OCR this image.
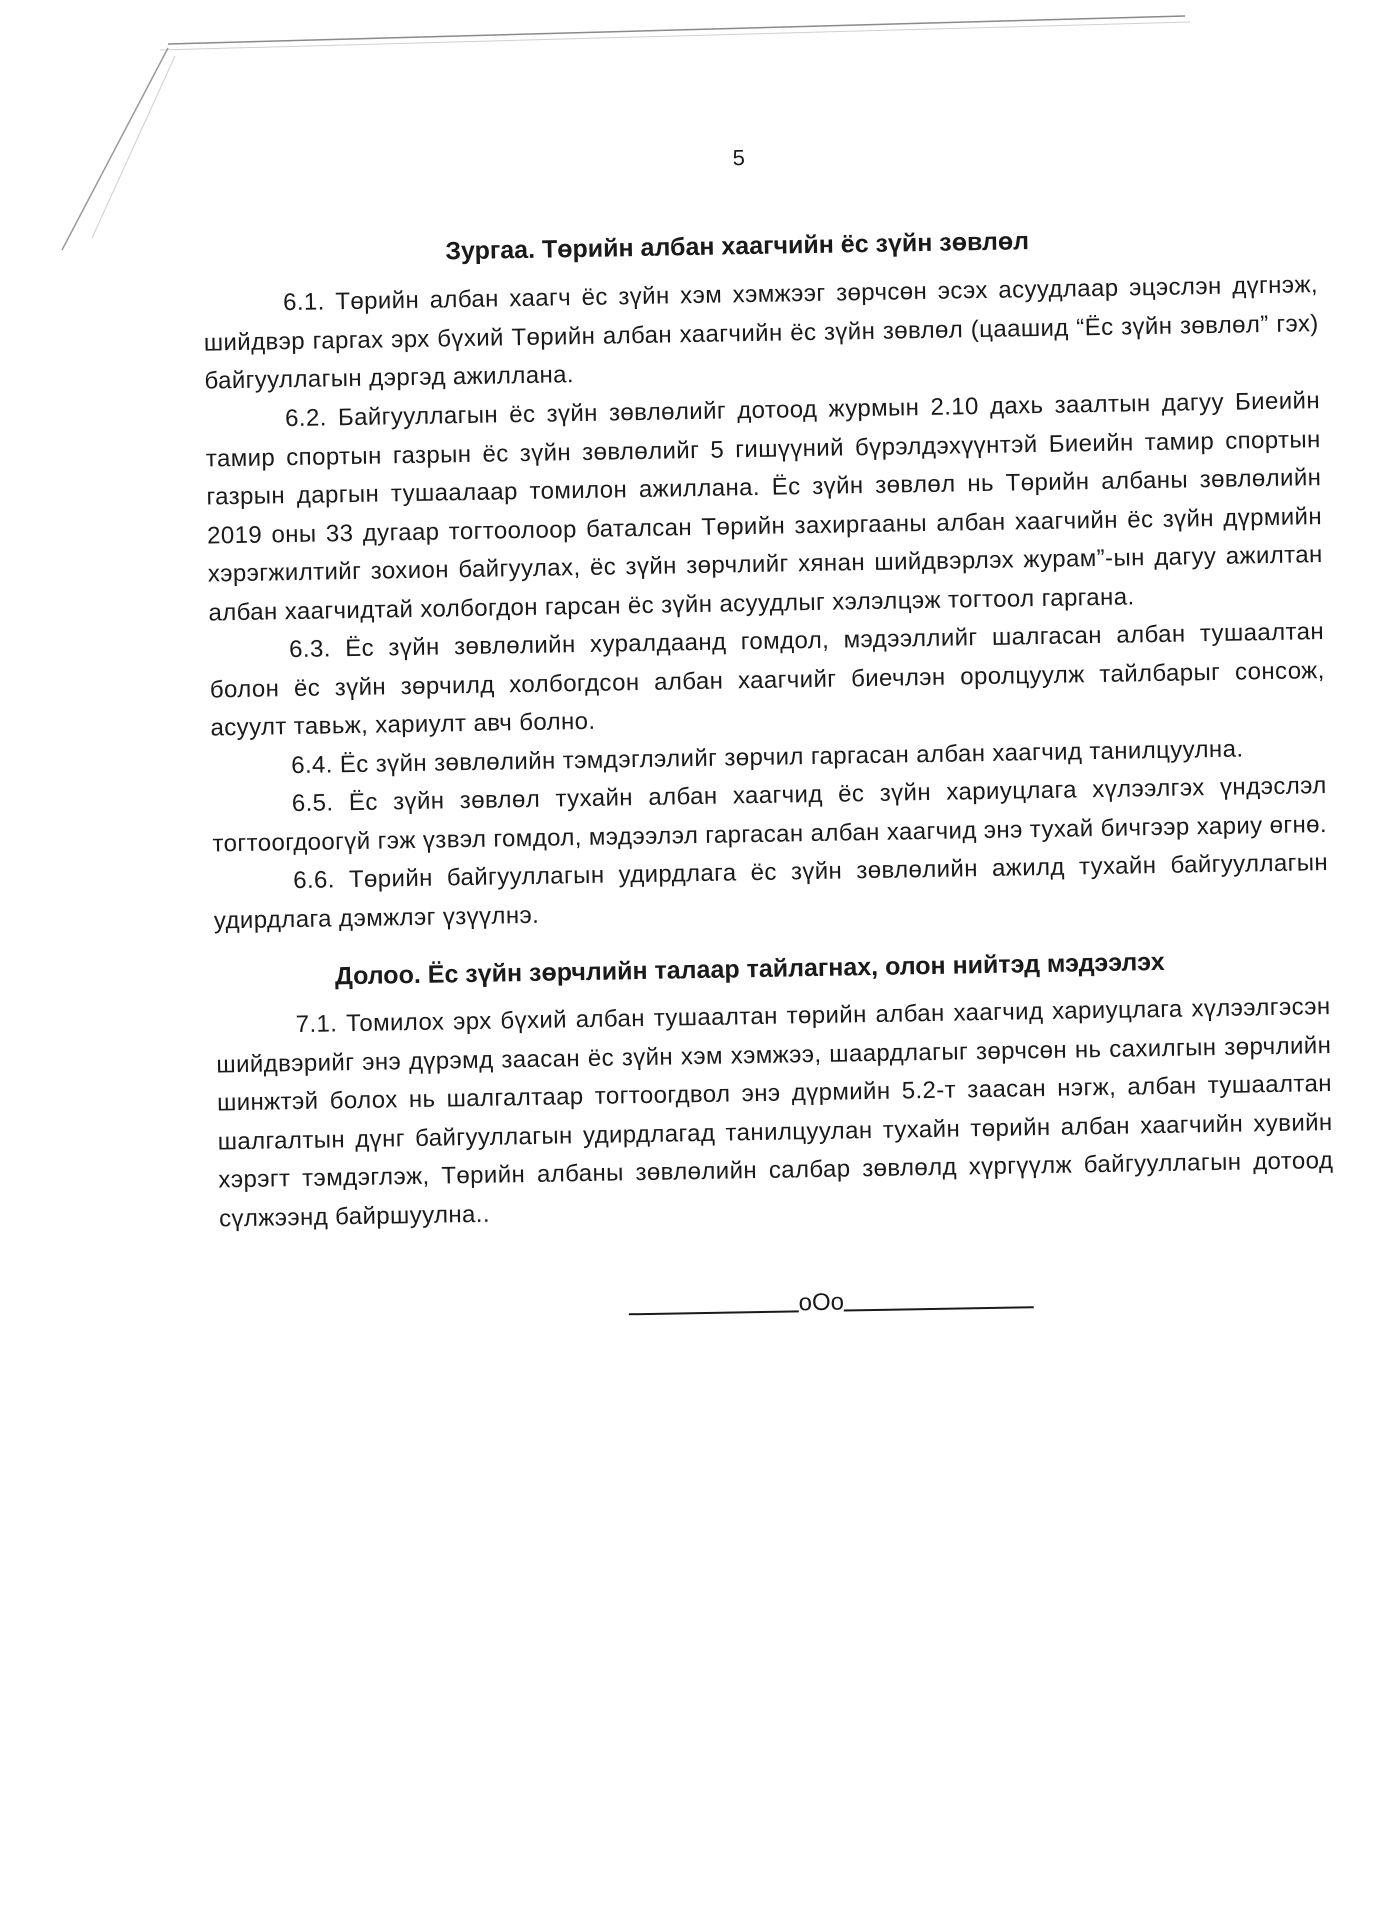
5
Зургаа. Төрийн албан хаагчийн ёс зүйн зөвлөл
6.1. Төрийн албан хаагч ёс зүйн хэм хэмжээг зөрчсөн эсэх асуудлаар эцэслэн дүгнэж, шийдвэр гаргах эрх бүхий Төрийн албан хаагчийн ёс зүйн зөвлөл (цаашид “Ёс зүйн зөвлөл” гэх) байгууллагын дэргэд ажиллана.
6.2. Байгууллагын ёс зүйн зөвлөлийг дотоод журмын 2.10 дахь заалтын дагуу Биеийн тамир спортын газрын ёс зүйн зөвлөлийг 5 гишүүний бүрэлдэхүүнтэй Биеийн тамир спортын газрын даргын тушаалаар томилон ажиллана. Ёс зүйн зөвлөл нь Төрийн албаны зөвлөлийн 2019 оны 33 дугаар тогтоолоор баталсан Төрийн захиргааны албан хаагчийн ёс зүйн дүрмийн хэрэгжилтийг зохион байгуулах, ёс зүйн зөрчлийг хянан шийдвэрлэх журам”-ын дагуу ажилтан албан хаагчидтай холбогдон гарсан ёс зүйн асуудлыг хэлэлцэж тогтоол гаргана.
6.3. Ёс зүйн зөвлөлийн хуралдаанд гомдол, мэдээллийг шалгасан албан тушаалтан болон ёс зүйн зөрчилд холбогдсон албан хаагчийг биечлэн оролцуулж тайлбарыг сонсож, асуулт тавьж, хариулт авч болно.
6.4. Ёс зүйн зөвлөлийн тэмдэглэлийг зөрчил гаргасан албан хаагчид танилцуулна.
6.5. Ёс зүйн зөвлөл тухайн албан хаагчид ёс зүйн хариуцлага хүлээлгэх үндэслэл тогтоогдоогүй гэж үзвэл гомдол, мэдээлэл гаргасан албан хаагчид энэ тухай бичгээр хариу өгнө.
6.6. Төрийн байгууллагын удирдлага ёс зүйн зөвлөлийн ажилд тухайн байгууллагын удирдлага дэмжлэг үзүүлнэ.
Долоо. Ёс зүйн зөрчлийн талаар тайлагнах, олон нийтэд мэдээлэх
7.1. Томилох эрх бүхий албан тушаалтан төрийн албан хаагчид хариуцлага хүлээлгэсэн шийдвэрийг энэ дүрэмд заасан ёс зүйн хэм хэмжээ, шаардлагыг зөрчсөн нь сахилгын зөрчлийн шинжтэй болох нь шалгалтаар тогтоогдвол энэ дүрмийн 5.2-т заасан нэгж, албан тушаалтан шалгалтын дүнг байгууллагын удирдлагад танилцуулан тухайн төрийн албан хаагчийн хувийн хэрэгт тэмдэглэж, Төрийн албаны зөвлөлийн салбар зөвлөлд хүргүүлж байгууллагын дотоод сүлжээнд байршуулна..
оОо
